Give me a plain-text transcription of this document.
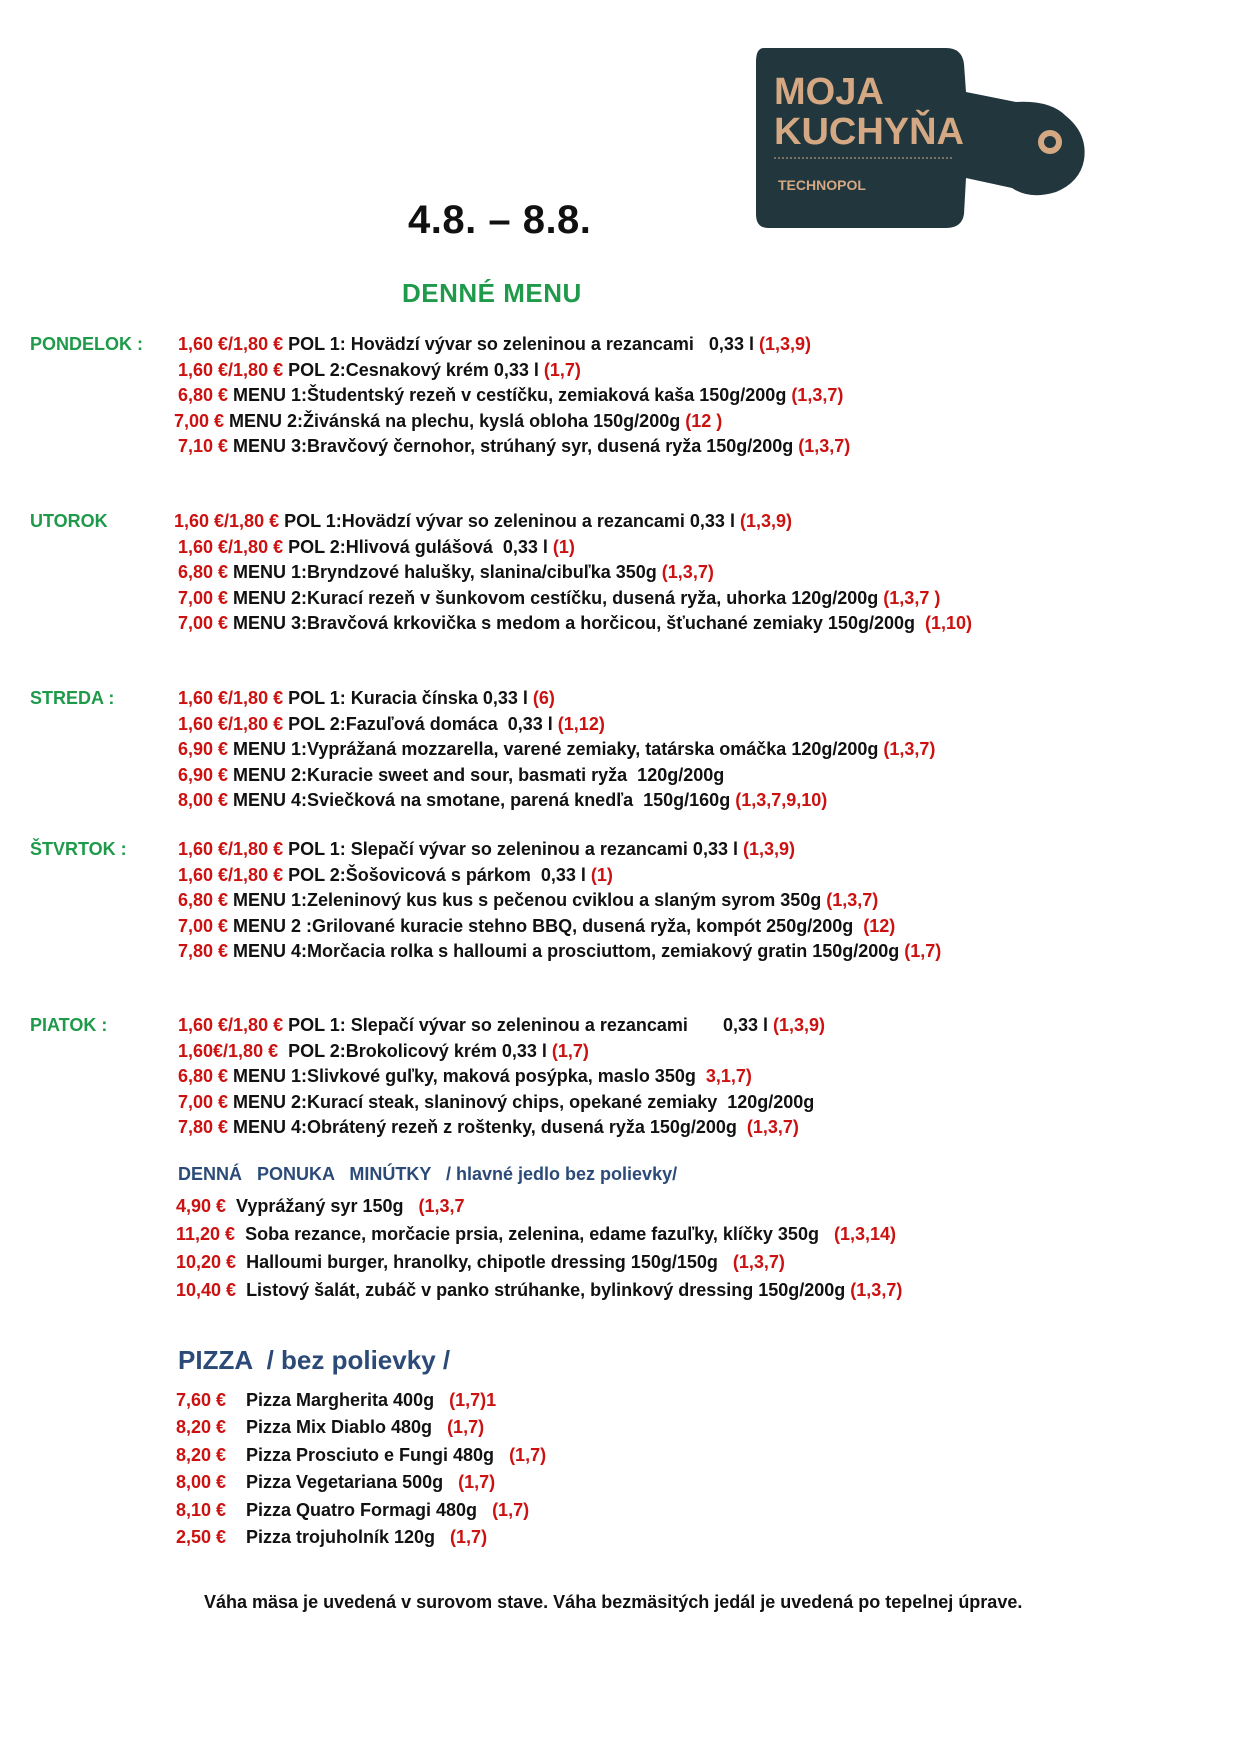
MOJA
KUCHYŇA
TECHNOPOL
4.8. – 8.8.
DENNÉ MENU
PONDELOK : 1,60 €/1,80 € POL 1: Hovädzí vývar so zeleninou a rezancami   0,33 l (1,3,9)
1,60 €/1,80 € POL 2:Cesnakový krém 0,33 l (1,7)
6,80 € MENU 1:Študentský rezeň v cestíčku, zemiaková kaša 150g/200g (1,3,7)
7,00 € MENU 2:Živánská na plechu, kyslá obloha 150g/200g (12 )
7,10 € MENU 3:Bravčový černohor, strúhaný syr, dusená ryža 150g/200g (1,3,7)
UTOROK	1,60 €/1,80 € POL 1:Hovädzí vývar so zeleninou a rezancami 0,33 l (1,3,9)
1,60 €/1,80 € POL 2:Hlivová gulášová  0,33 l (1)
6,80 € MENU 1:Bryndzové halušky, slanina/cibuľka 350g (1,3,7)
7,00 € MENU 2:Kurací rezeň v šunkovom cestíčku, dusená ryža, uhorka 120g/200g (1,3,7 )
7,00 € MENU 3:Bravčová krkovička s medom a horčicou, šťuchané zemiaky 150g/200g  (1,10)
STREDA :	1,60 €/1,80 € POL 1: Kuracia čínska 0,33 l (6)
1,60 €/1,80 € POL 2:Fazuľová domáca  0,33 l (1,12)
6,90 € MENU 1:Vyprážaná mozzarella, varené zemiaky, tatárska omáčka 120g/200g (1,3,7)
6,90 € MENU 2:Kuracie sweet and sour, basmati ryža  120g/200g
8,00 € MENU 4:Sviečková na smotane, parená knedľa  150g/160g (1,3,7,9,10)
ŠTVRTOK :	1,60 €/1,80 € POL 1: Slepačí vývar so zeleninou a rezancami 0,33 l (1,3,9)
1,60 €/1,80 € POL 2:Šošovicová s párkom  0,33 l (1)
6,80 € MENU 1:Zeleninový kus kus s pečenou cviklou a slaným syrom 350g (1,3,7)
7,00 € MENU 2 :Grilované kuracie stehno BBQ, dusená ryža, kompót 250g/200g  (12)
7,80 € MENU 4:Morčacia rolka s halloumi a prosciuttom, zemiakový gratin 150g/200g (1,7)
PIATOK :	1,60 €/1,80 € POL 1: Slepačí vývar so zeleninou a rezancami       0,33 l (1,3,9)
1,60€/1,80 €  POL 2:Brokolicový krém 0,33 l (1,7)
6,80 € MENU 1:Slivkové guľky, maková posýpka, maslo 350g  3,1,7)
7,00 € MENU 2:Kurací steak, slaninový chips, opekané zemiaky  120g/200g
7,80 € MENU 4:Obrátený rezeň z roštenky, dusená ryža 150g/200g  (1,3,7)
DENNÁ   PONUKA   MINÚTKY   / hlavné jedlo bez polievky/
4,90 €  Vyprážaný syr 150g   (1,3,7
11,20 €  Soba rezance, morčacie prsia, zelenina, edame fazuľky, klíčky 350g   (1,3,14)
10,20 €  Halloumi burger, hranolky, chipotle dressing 150g/150g   (1,3,7)
10,40 €  Listový šalát, zubáč v panko strúhanke, bylinkový dressing 150g/200g (1,3,7)
PIZZA  / bez polievky /
7,60 € Pizza Margherita 400g   (1,7)1
8,20 € Pizza Mix Diablo 480g   (1,7)
8,20 € Pizza Prosciuto e Fungi 480g   (1,7)
8,00 € Pizza Vegetariana 500g   (1,7)
8,10 € Pizza Quatro Formagi 480g   (1,7)
2,50 € Pizza trojuholník 120g   (1,7)
Váha mäsa je uvedená v surovom stave. Váha bezmäsitých jedál je uvedená po tepelnej úprave.
